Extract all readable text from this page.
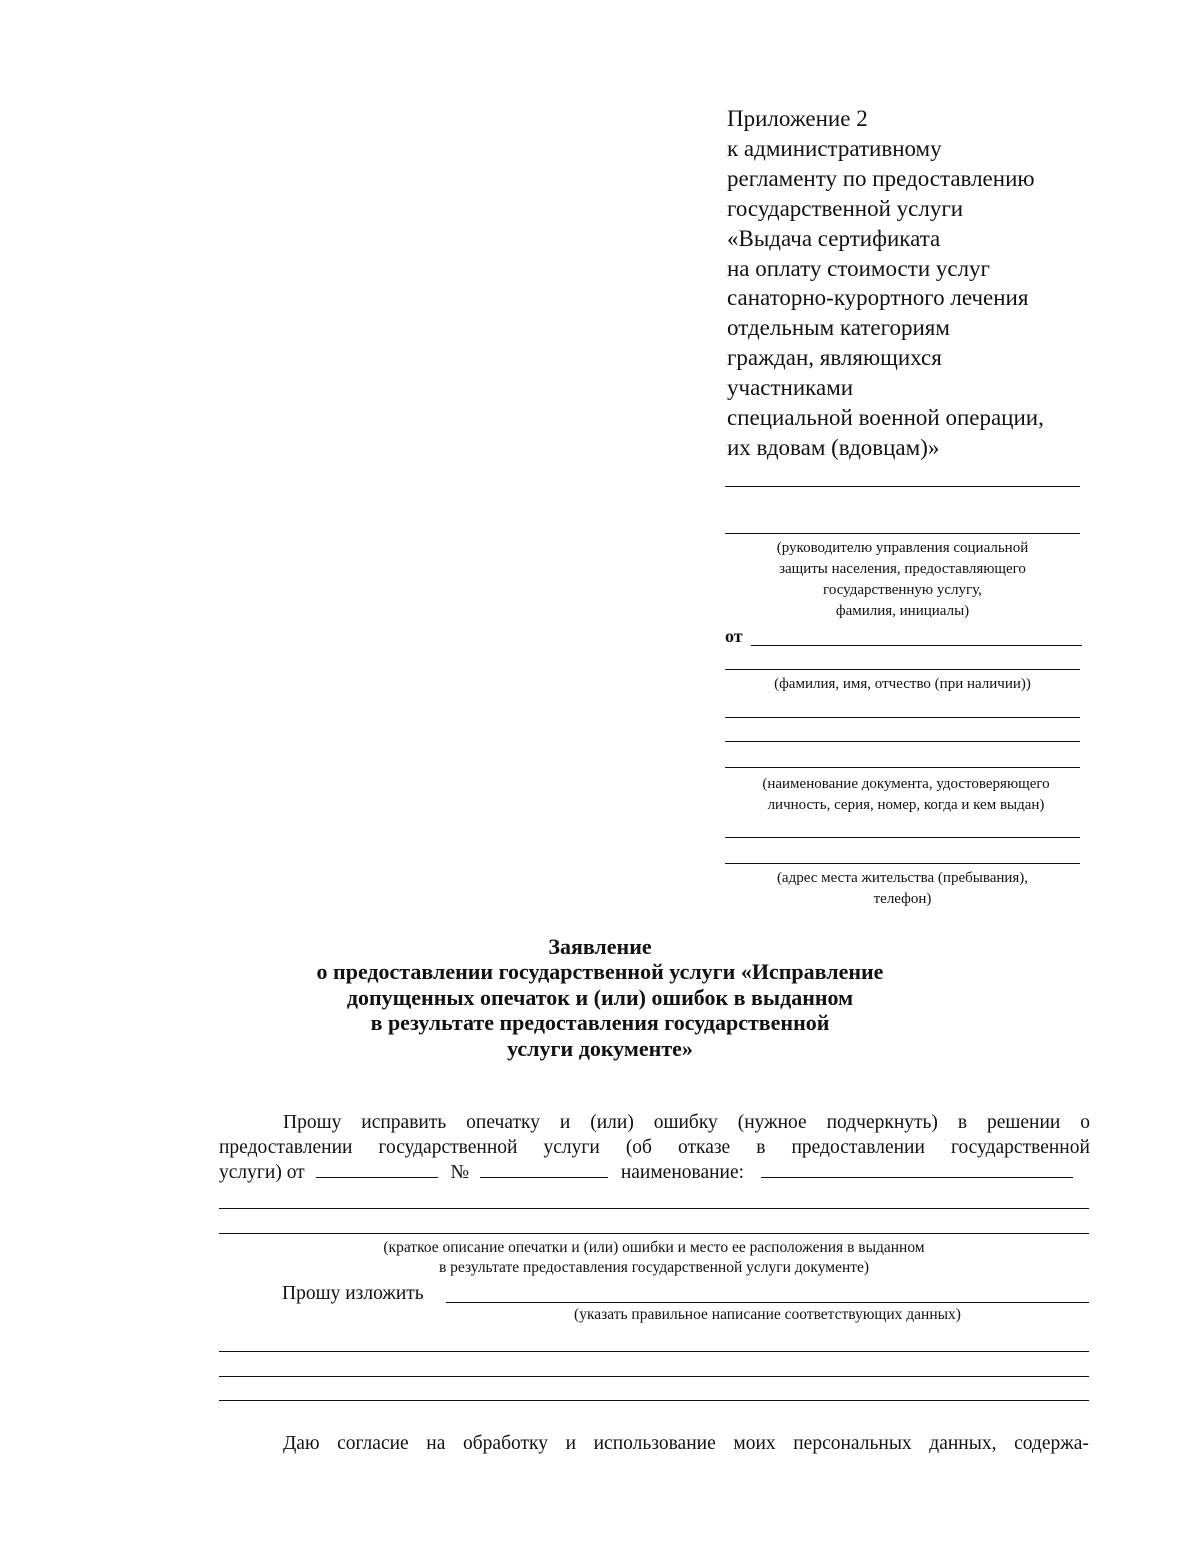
Приложение 2
к административному
регламенту по предоставлению
государственной услуги
«Выдача сертификата
на оплату стоимости услуг
санаторно-курортного лечения
отдельным категориям
граждан, являющихся
участниками
специальной военной операции,
их вдовам (вдовцам)»
(руководителю управления социальной
защиты населения, предоставляющего
государственную услугу,
фамилия, инициалы)
от
(фамилия, имя, отчество (при наличии))
(наименование документа, удостоверяющего
личность, серия, номер, когда и кем выдан)
(адрес места жительства (пребывания),
телефон)
Заявление
о предоставлении государственной услуги «Исправление
допущенных опечаток и (или) ошибок в выданном
в результате предоставления государственной
услуги документе»
Прошу исправить опечатку и (или) ошибку (нужное подчеркнуть) в решении о
предоставлении государственной услуги (об отказе в предоставлении государственной
услуги) от	№	наименование:
(краткое описание опечатки и (или) ошибки и место ее расположения в выданном
в результате предоставления государственной услуги документе)
Прошу изложить
(указать правильное написание соответствующих данных)
Даю согласие на обработку и использование моих персональных данных, содержа-
